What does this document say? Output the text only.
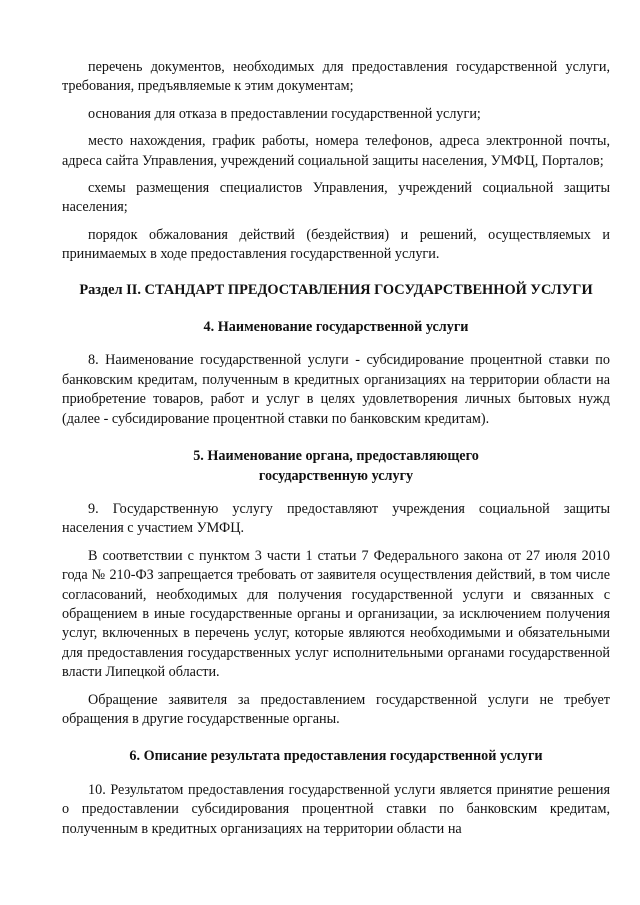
перечень документов, необходимых для предоставления государственной услуги, требования, предъявляемые к этим документам;

основания для отказа в предоставлении государственной услуги;

место нахождения, график работы, номера телефонов, адреса электронной почты, адреса сайта Управления, учреждений социальной защиты населения, УМФЦ, Порталов;

схемы размещения специалистов Управления, учреждений социальной защиты населения;

порядок обжалования действий (бездействия) и решений, осуществляемых и принимаемых в ходе предоставления государственной услуги.

Раздел II. СТАНДАРТ ПРЕДОСТАВЛЕНИЯ ГОСУДАРСТВЕННОЙ УСЛУГИ
4. Наименование государственной услуги

8. Наименование государственной услуги - субсидирование процентной ставки по банковским кредитам, полученным в кредитных организациях на территории области на приобретение товаров, работ и услуг в целях удовлетворения личных бытовых нужд (далее - субсидирование процентной ставки по банковским кредитам).

5. Наименование органа, предоставляющего
государственную услугу

9. Государственную услугу предоставляют учреждения социальной защиты населения с участием УМФЦ.

В соответствии с пунктом 3 части 1 статьи 7 Федерального закона от 27 июля 2010 года № 210-ФЗ запрещается требовать от заявителя осуществления действий, в том числе согласований, необходимых для получения государственной услуги и связанных с обращением в иные государственные органы и организации, за исключением получения услуг, включенных в перечень услуг, которые являются необходимыми и обязательными для предоставления государственных услуг исполнительными органами государственной власти Липецкой области.

Обращение заявителя за предоставлением государственной услуги не требует обращения в другие государственные органы.

6. Описание результата предоставления государственной услуги

10. Результатом предоставления государственной услуги является принятие решения о предоставлении субсидирования процентной ставки по банковским кредитам, полученным в кредитных организациях на территории области на
